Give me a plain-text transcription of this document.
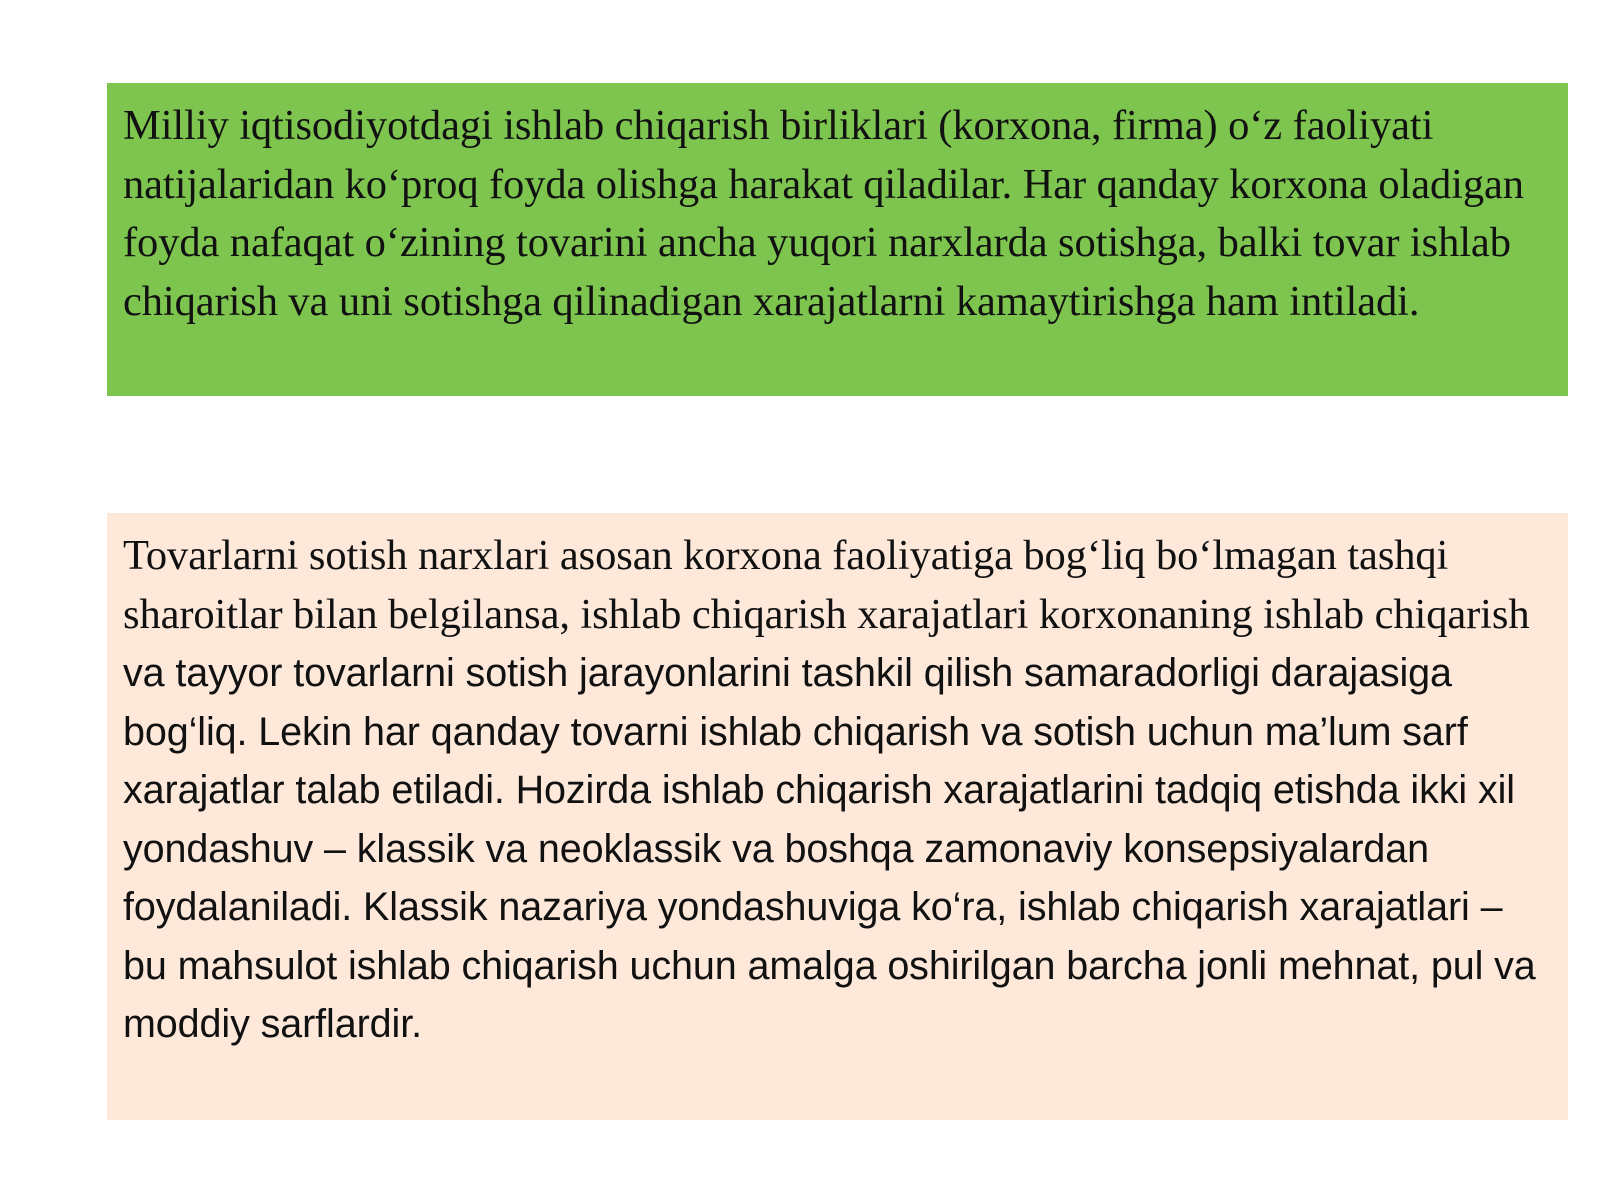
Milliy iqtisodiyotdagi ishlab chiqarish birliklari (korxona, firma) o‘z faoliyati natijalaridan ko‘proq foyda olishga harakat qiladilar. Har qanday korxona oladigan foyda nafaqat o‘zining tovarini ancha yuqori narxlarda sotishga, balki tovar ishlab chiqarish va uni sotishga qilinadigan xarajatlarni kamaytirishga ham intiladi.

Tovarlarni sotish narxlari asosan korxona faoliyatiga bog‘liq bo‘lmagan tashqi sharoitlar bilan belgilansa, ishlab chiqarish xarajatlari korxonaning ishlab chiqarish va tayyor tovarlarni sotish jarayonlarini tashkil qilish samaradorligi darajasiga bog‘liq. Lekin har qanday tovarni ishlab chiqarish va sotish uchun ma’lum sarf xarajatlar talab etiladi. Hozirda ishlab chiqarish xarajatlarini tadqiq etishda ikki xil yondashuv – klassik va neoklassik va boshqa zamonaviy konsepsiyalardan foydalaniladi. Klassik nazariya yondashuviga ko‘ra, ishlab chiqarish xarajatlari –bu mahsulot ishlab chiqarish uchun amalga oshirilgan barcha jonli mehnat, pul va moddiy sarflardir.
